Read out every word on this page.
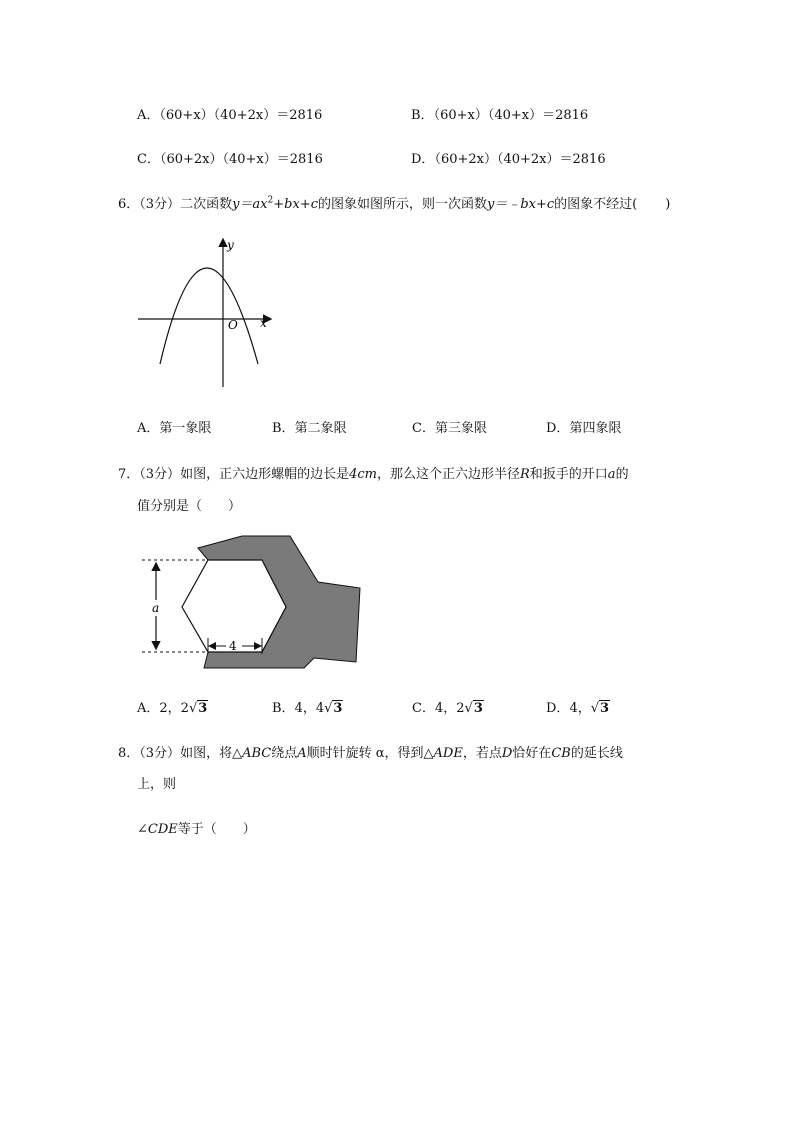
A．（60+x）（40+2x）＝2816	B．（60+x）（40+x）＝2816
C．（60+2x）（40+x）＝2816	D．（60+2x）（40+2x）＝2816
6．（3分）二次函数$y=ax^2+bx+c$的图象如图所示，则一次函数y＝﹣bx+c的图象不经过( )
y
x
O
A．第一象限	B．第二象限	C．第三象限	D．第四象限
7．（3分）如图，正六边形螺帽的边长是4cm，那么这个正六边形半径R和扳手的开口a的
值分别是（　　）
a
4
A．2，2√3	B．4，4√3	C．4，2√3	D．4，√3
8．（3分）如图，将△ABC绕点A顺时针旋转 α，得到△ADE，若点D恰好在CB的延长线
上，则
∠CDE等于（　　）
